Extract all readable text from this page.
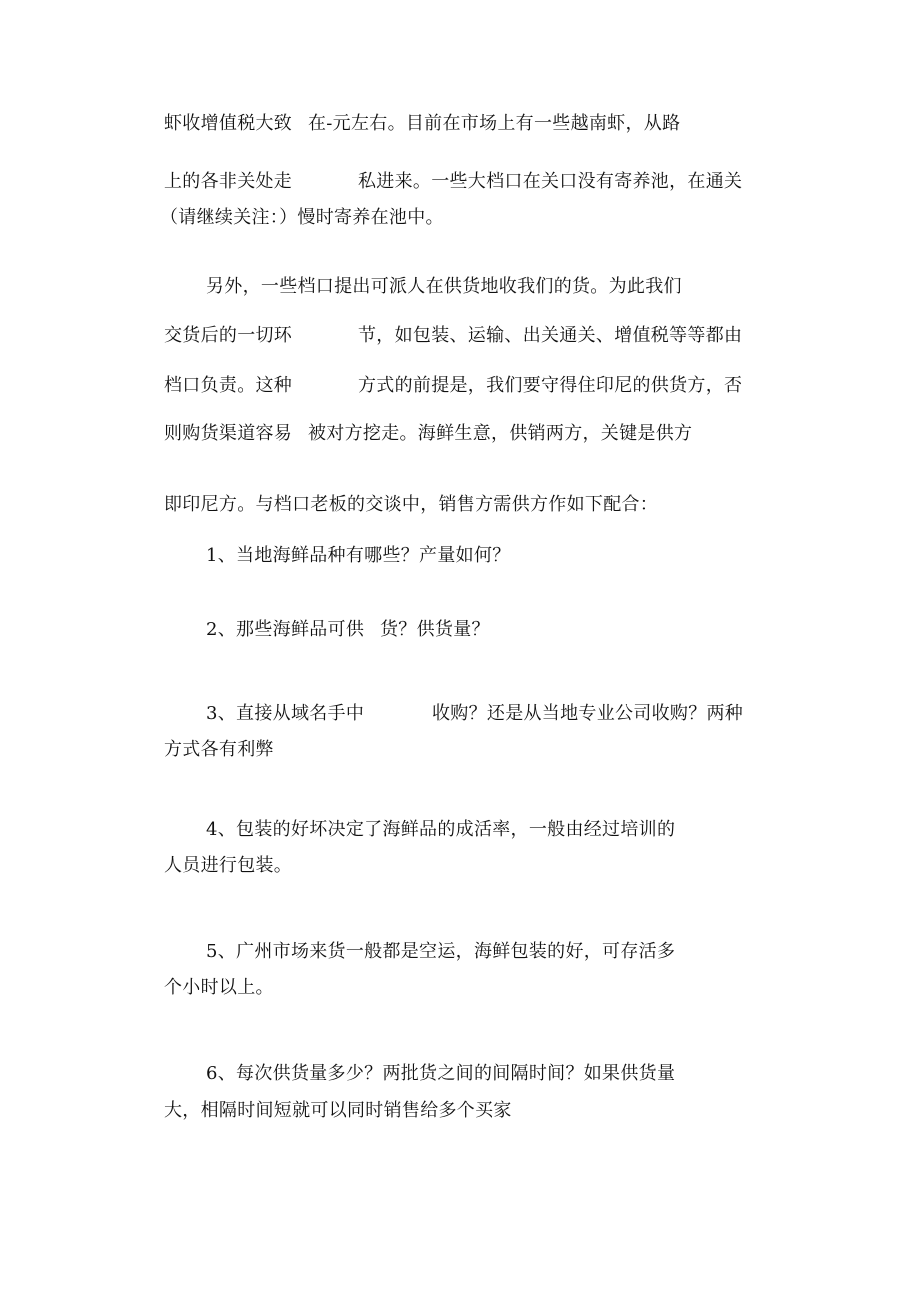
虾收增值税大致

在-元左右。目前在市场上有一些越南虾，从路

上的各非关处走

	私进来。一些大档口在关口没有寄养池，在通关

（请继续关注：）慢时寄养在池中。
另外，一些档口提出可派人在供货地收我们的货。为此我们

交货后的一切环

	节，如包装、运输、出关通关、增值税等等都由

档口负责。这种

	方式的前提是，我们要守得住印尼的供货方，否

则购货渠道容易

被对方挖走。海鲜生意，供销两方，关键是供方

即印尼方。与档口老板的交谈中，销售方需供方作如下配合：
1、当地海鲜品种有哪些？产量如何？

2、那些海鲜品可供

货？供货量？

3、直接从域名手中

	收购？还是从当地专业公司收购？两种

方式各有利弊
4、包装的好坏决定了海鲜品的成活率，一般由经过培训的
人员进行包装。
5、广州市场来货一般都是空运，海鲜包装的好，可存活多
个小时以上。
6、每次供货量多少？两批货之间的间隔时间？如果供货量
大，相隔时间短就可以同时销售给多个买家
